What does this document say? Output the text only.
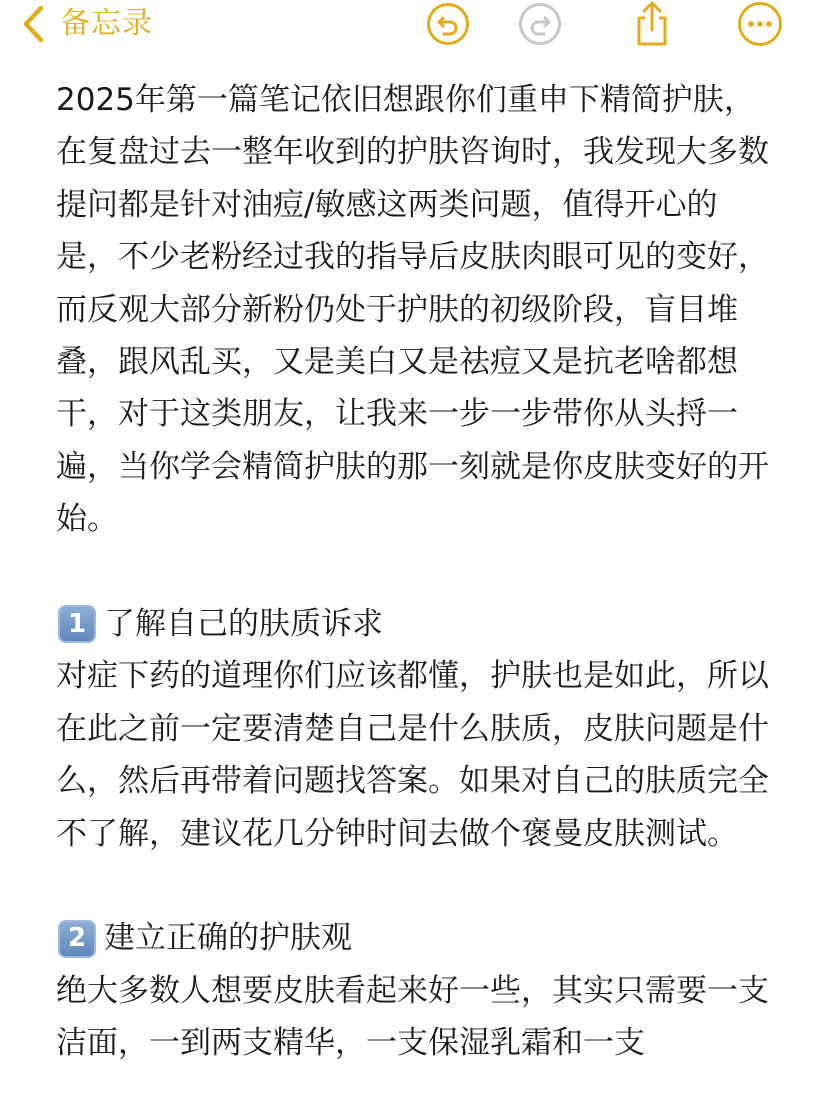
备忘录

2025年第一篇笔记依旧想跟你们重申下精简护肤，在复盘过去一整年收到的护肤咨询时，我发现大多数提问都是针对油痘/敏感这两类问题，值得开心的是，不少老粉经过我的指导后皮肤肉眼可见的变好，而反观大部分新粉仍处于护肤的初级阶段，盲目堆叠，跟风乱买，又是美白又是祛痘又是抗老啥都想干，对于这类朋友，让我来一步一步带你从头捋一遍，当你学会精简护肤的那一刻就是你皮肤变好的开始。

1 了解自己的肤质诉求

对症下药的道理你们应该都懂，护肤也是如此，所以在此之前一定要清楚自己是什么肤质，皮肤问题是什么，然后再带着问题找答案。如果对自己的肤质完全不了解，建议花几分钟时间去做个褒曼皮肤测试。

2 建立正确的护肤观

绝大多数人想要皮肤看起来好一些，其实只需要一支洁面，一到两支精华，一支保湿乳霜和一支
